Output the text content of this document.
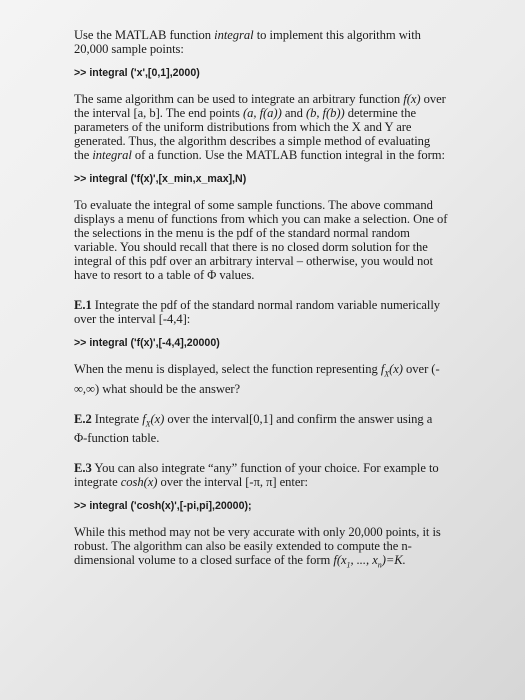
Use the MATLAB function integral to implement this algorithm with

20,000 sample points:

>> integral ('x',[0,1],2000)

The same algorithm can be used to integrate an arbitrary function f(x) over

the interval [a, b]. The end points (a, f(a)) and (b, f(b)) determine the

parameters of the uniform distributions from which the X and Y are

generated. Thus, the algorithm describes a simple method of evaluating

the integral of a function. Use the MATLAB function integral in the form:

>> integral ('f(x)',[x_min,x_max],N)

To evaluate the integral of some sample functions. The above command

displays a menu of functions from which you can make a selection. One of

the selections in the menu is the pdf of the standard normal random

variable. You should recall that there is no closed dorm solution for the

integral of this pdf over an arbitrary interval – otherwise, you would not

have to resort to a table of Φ values.

E.1 Integrate the pdf of the standard normal random variable numerically

over the interval [-4,4]:

>> integral ('f(x)',[-4,4],20000)

When the menu is displayed, select the function representing $f_X(x)$ over (-

∞,∞) what should be the answer?

E.2 Integrate $f_X(x)$ over the interval[0,1] and confirm the answer using a

Φ-function table.

E.3 You can also integrate “any” function of your choice. For example to

integrate cosh(x) over the interval [-π, π] enter:

>> integral ('cosh(x)',[-pi,pi],20000);

While this method may not be very accurate with only 20,000 points, it is

robust. The algorithm can also be easily extended to compute the n-

dimensional volume to a closed surface of the form $f(x_1$, ..., $x_n)=K$.
